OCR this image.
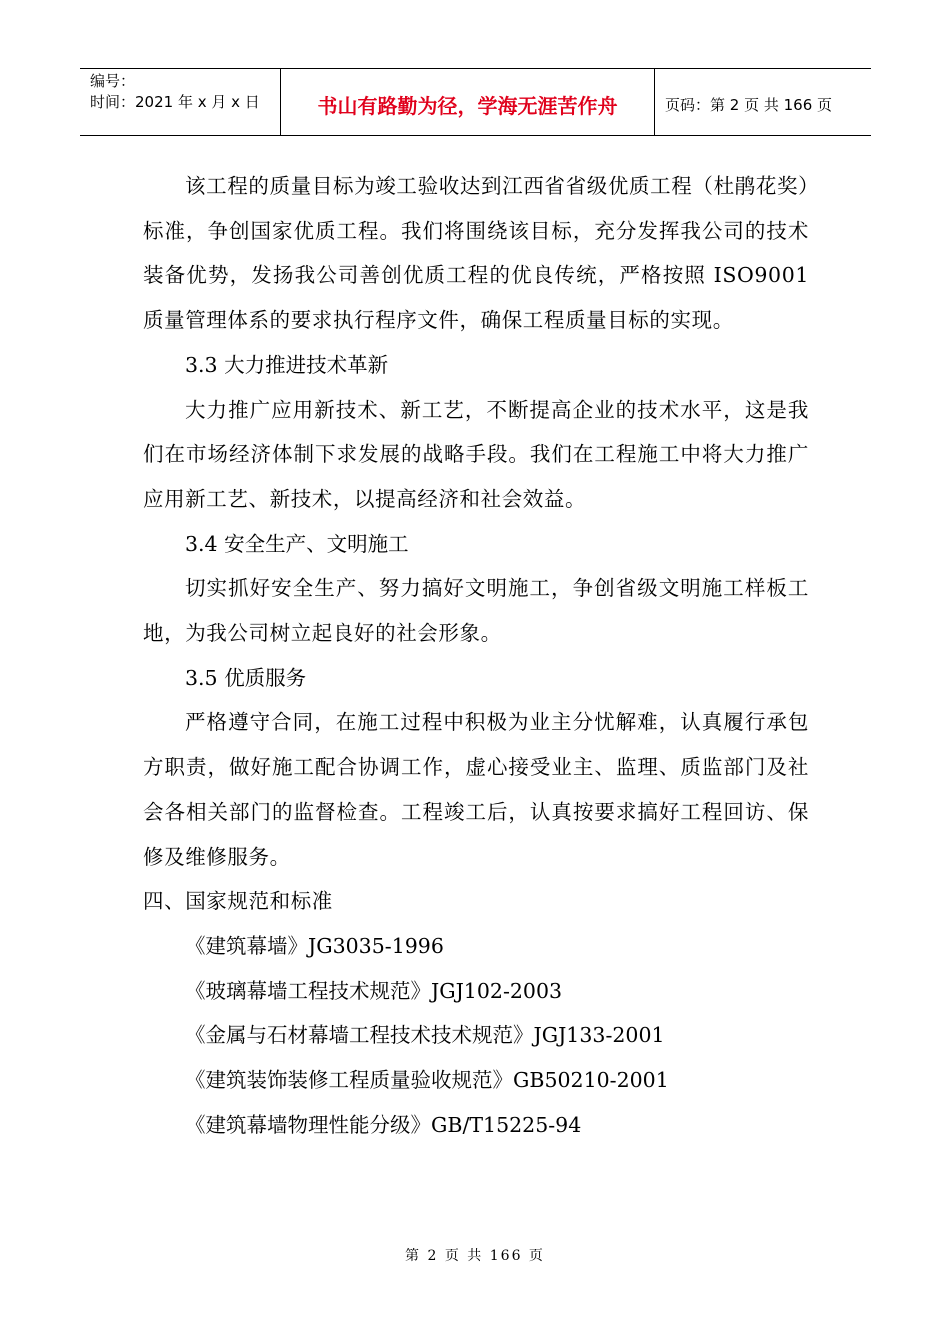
编号：
时间：2021 年 x 月 x 日	书山有路勤为径，学海无涯苦作舟	页码：第 2 页 共 166 页

该工程的质量目标为竣工验收达到江西省省级优质工程（杜鹃花奖）标准，争创国家优质工程。我们将围绕该目标，充分发挥我公司的技术装备优势，发扬我公司善创优质工程的优良传统，严格按照 ISO9001 质量管理体系的要求执行程序文件，确保工程质量目标的实现。

3.3 大力推进技术革新

大力推广应用新技术、新工艺，不断提高企业的技术水平，这是我们在市场经济体制下求发展的战略手段。我们在工程施工中将大力推广应用新工艺、新技术，以提高经济和社会效益。

3.4 安全生产、文明施工

切实抓好安全生产、努力搞好文明施工，争创省级文明施工样板工地，为我公司树立起良好的社会形象。

3.5 优质服务

严格遵守合同，在施工过程中积极为业主分忧解难，认真履行承包方职责，做好施工配合协调工作，虚心接受业主、监理、质监部门及社会各相关部门的监督检查。工程竣工后，认真按要求搞好工程回访、保修及维修服务。

四、国家规范和标准

《建筑幕墙》JG3035-1996

《玻璃幕墙工程技术规范》JGJ102-2003

《金属与石材幕墙工程技术技术规范》JGJ133-2001

《建筑装饰装修工程质量验收规范》GB50210-2001

《建筑幕墙物理性能分级》GB/T15225-94

第 2 页 共 166 页
